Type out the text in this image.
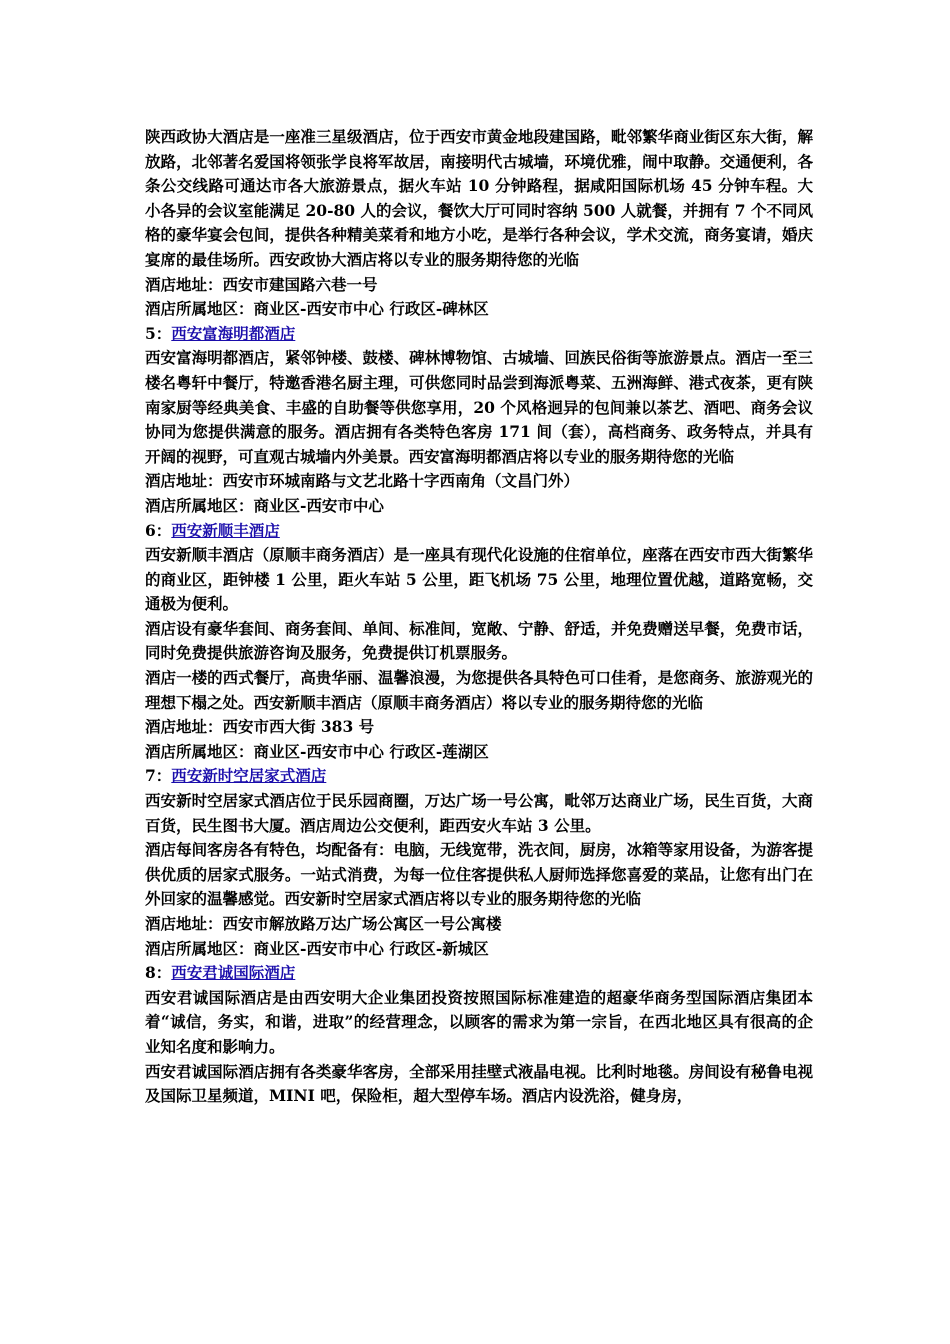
陕西政协大酒店是一座准三星级酒店，位于西安市黄金地段建国路，毗邻繁华商业街区东大街，解放路，北邻著名爱国将领张学良将军故居，南接明代古城墙，环境优雅，闹中取静。交通便利，各条公交线路可通达市各大旅游景点，据火车站 10 分钟路程，据咸阳国际机场 45 分钟车程。大小各异的会议室能满足 20-80 人的会议，餐饮大厅可同时容纳 500 人就餐，并拥有 7 个不同风格的豪华宴会包间，提供各种精美菜肴和地方小吃，是举行各种会议，学术交流，商务宴请，婚庆宴席的最佳场所。西安政协大酒店将以专业的服务期待您的光临

酒店地址：西安市建国路六巷一号

酒店所属地区：商业区-西安市中心 行政区-碑林区

5：西安富海明都酒店

西安富海明都酒店，紧邻钟楼、鼓楼、碑林博物馆、古城墙、回族民俗街等旅游景点。酒店一至三楼名粤轩中餐厅，特邀香港名厨主理，可供您同时品尝到海派粤菜、五洲海鲜、港式夜茶，更有陕南家厨等经典美食、丰盛的自助餐等供您享用，20 个风格迥异的包间兼以茶艺、酒吧、商务会议协同为您提供满意的服务。酒店拥有各类特色客房 171 间（套），高档商务、政务特点，并具有开阔的视野，可直观古城墙内外美景。西安富海明都酒店将以专业的服务期待您的光临

酒店地址：西安市环城南路与文艺北路十字西南角（文昌门外）

酒店所属地区：商业区-西安市中心

6：西安新顺丰酒店

西安新顺丰酒店（原顺丰商务酒店）是一座具有现代化设施的住宿单位，座落在西安市西大街繁华的商业区，距钟楼 1 公里，距火车站 5 公里，距飞机场 75 公里，地理位置优越，道路宽畅，交通极为便利。

酒店设有豪华套间、商务套间、单间、标准间，宽敞、宁静、舒适，并免费赠送早餐，免费市话，同时免费提供旅游咨询及服务，免费提供订机票服务。

酒店一楼的西式餐厅，高贵华丽、温馨浪漫，为您提供各具特色可口佳肴，是您商务、旅游观光的理想下榻之处。西安新顺丰酒店（原顺丰商务酒店）将以专业的服务期待您的光临

酒店地址：西安市西大街 383 号

酒店所属地区：商业区-西安市中心 行政区-莲湖区

7：西安新时空居家式酒店

西安新时空居家式酒店位于民乐园商圈，万达广场一号公寓，毗邻万达商业广场，民生百货，大商百货，民生图书大厦。酒店周边公交便利，距西安火车站 3 公里。

酒店每间客房各有特色，均配备有：电脑，无线宽带，洗衣间，厨房，冰箱等家用设备，为游客提供优质的居家式服务。一站式消费，为每一位住客提供私人厨师选择您喜爱的菜品，让您有出门在外回家的温馨感觉。西安新时空居家式酒店将以专业的服务期待您的光临

酒店地址：西安市解放路万达广场公寓区一号公寓楼

酒店所属地区：商业区-西安市中心 行政区-新城区

8：西安君诚国际酒店

西安君诚国际酒店是由西安明大企业集团投资按照国际标准建造的超豪华商务型国际酒店集团本着“诚信，务实，和谐，进取”的经营理念，以顾客的需求为第一宗旨，在西北地区具有很高的企业知名度和影响力。

西安君诚国际酒店拥有各类豪华客房，全部采用挂壁式液晶电视。比利时地毯。房间设有秘鲁电视及国际卫星频道，MINI 吧，保险柜，超大型停车场。酒店内设洗浴，健身房，
